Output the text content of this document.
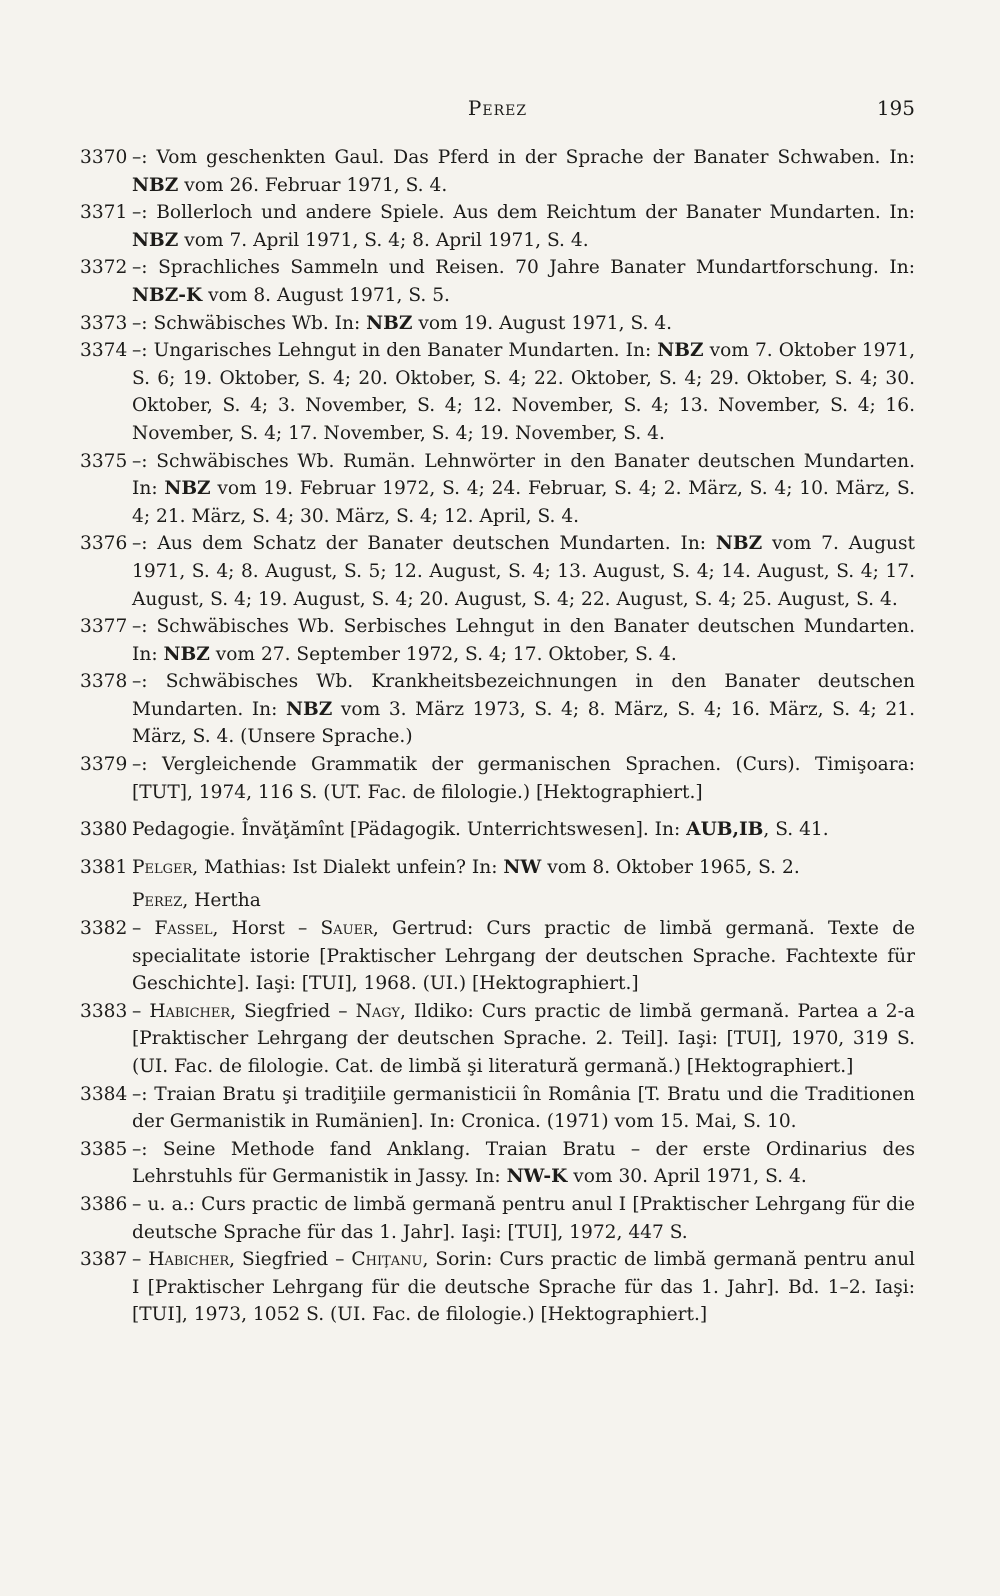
Perez	195
3370 –: Vom geschenkten Gaul. Das Pferd in der Sprache der Banater Schwaben. In: NBZ vom 26. Februar 1971, S. 4.
3371 –: Bollerloch und andere Spiele. Aus dem Reichtum der Banater Mundarten. In: NBZ vom 7. April 1971, S. 4; 8. April 1971, S. 4.
3372 –: Sprachliches Sammeln und Reisen. 70 Jahre Banater Mundartforschung. In: NBZ-K vom 8. August 1971, S. 5.
3373 –: Schwäbisches Wb. In: NBZ vom 19. August 1971, S. 4.
3374 –: Ungarisches Lehngut in den Banater Mundarten. In: NBZ vom 7. Oktober 1971, S. 6; 19. Oktober, S. 4; 20. Oktober, S. 4; 22. Oktober, S. 4; 29. Oktober, S. 4; 30. Oktober, S. 4; 3. November, S. 4; 12. November, S. 4; 13. November, S. 4; 16. November, S. 4; 17. November, S. 4; 19. November, S. 4.
3375 –: Schwäbisches Wb. Rumän. Lehnwörter in den Banater deutschen Mundarten. In: NBZ vom 19. Februar 1972, S. 4; 24. Februar, S. 4; 2. März, S. 4; 10. März, S. 4; 21. März, S. 4; 30. März, S. 4; 12. April, S. 4.
3376 –: Aus dem Schatz der Banater deutschen Mundarten. In: NBZ vom 7. August 1971, S. 4; 8. August, S. 5; 12. August, S. 4; 13. August, S. 4; 14. August, S. 4; 17. August, S. 4; 19. August, S. 4; 20. August, S. 4; 22. August, S. 4; 25. August, S. 4.
3377 –: Schwäbisches Wb. Serbisches Lehngut in den Banater deutschen Mundarten. In: NBZ vom 27. September 1972, S. 4; 17. Oktober, S. 4.
3378 –: Schwäbisches Wb. Krankheitsbezeichnungen in den Banater deutschen Mundarten. In: NBZ vom 3. März 1973, S. 4; 8. März, S. 4; 16. März, S. 4; 21. März, S. 4. (Unsere Sprache.)
3379 –: Vergleichende Grammatik der germanischen Sprachen. (Curs). Timişoara: [TUT], 1974, 116 S. (UT. Fac. de filologie.) [Hektographiert.]
3380 Pedagogie. Învăţămînt [Pädagogik. Unterrichtswesen]. In: AUB,IB, S. 41.
3381 Pelger, Mathias: Ist Dialekt unfein? In: NW vom 8. Oktober 1965, S. 2.
Perez, Hertha
3382 – Fassel, Horst – Sauer, Gertrud: Curs practic de limbă germană. Texte de specialitate istorie [Praktischer Lehrgang der deutschen Sprache. Fachtexte für Geschichte]. Iaşi: [TUI], 1968. (UI.) [Hektographiert.]
3383 – Habicher, Siegfried – Nagy, Ildiko: Curs practic de limbă germană. Partea a 2-a [Praktischer Lehrgang der deutschen Sprache. 2. Teil]. Iaşi: [TUI], 1970, 319 S. (UI. Fac. de filologie. Cat. de limbă şi literatură germană.) [Hektographiert.]
3384 –: Traian Bratu şi tradiţiile germanisticii în România [T. Bratu und die Traditionen der Germanistik in Rumänien]. In: Cronica. (1971) vom 15. Mai, S. 10.
3385 –: Seine Methode fand Anklang. Traian Bratu – der erste Ordinarius des Lehrstuhls für Germanistik in Jassy. In: NW-K vom 30. April 1971, S. 4.
3386 – u. a.: Curs practic de limbă germană pentru anul I [Praktischer Lehrgang für die deutsche Sprache für das 1. Jahr]. Iaşi: [TUI], 1972, 447 S.
3387 – Habicher, Siegfried – Chiţanu, Sorin: Curs practic de limbă germană pentru anul I [Praktischer Lehrgang für die deutsche Sprache für das 1. Jahr]. Bd. 1–2. Iaşi: [TUI], 1973, 1052 S. (UI. Fac. de filologie.) [Hektographiert.]
